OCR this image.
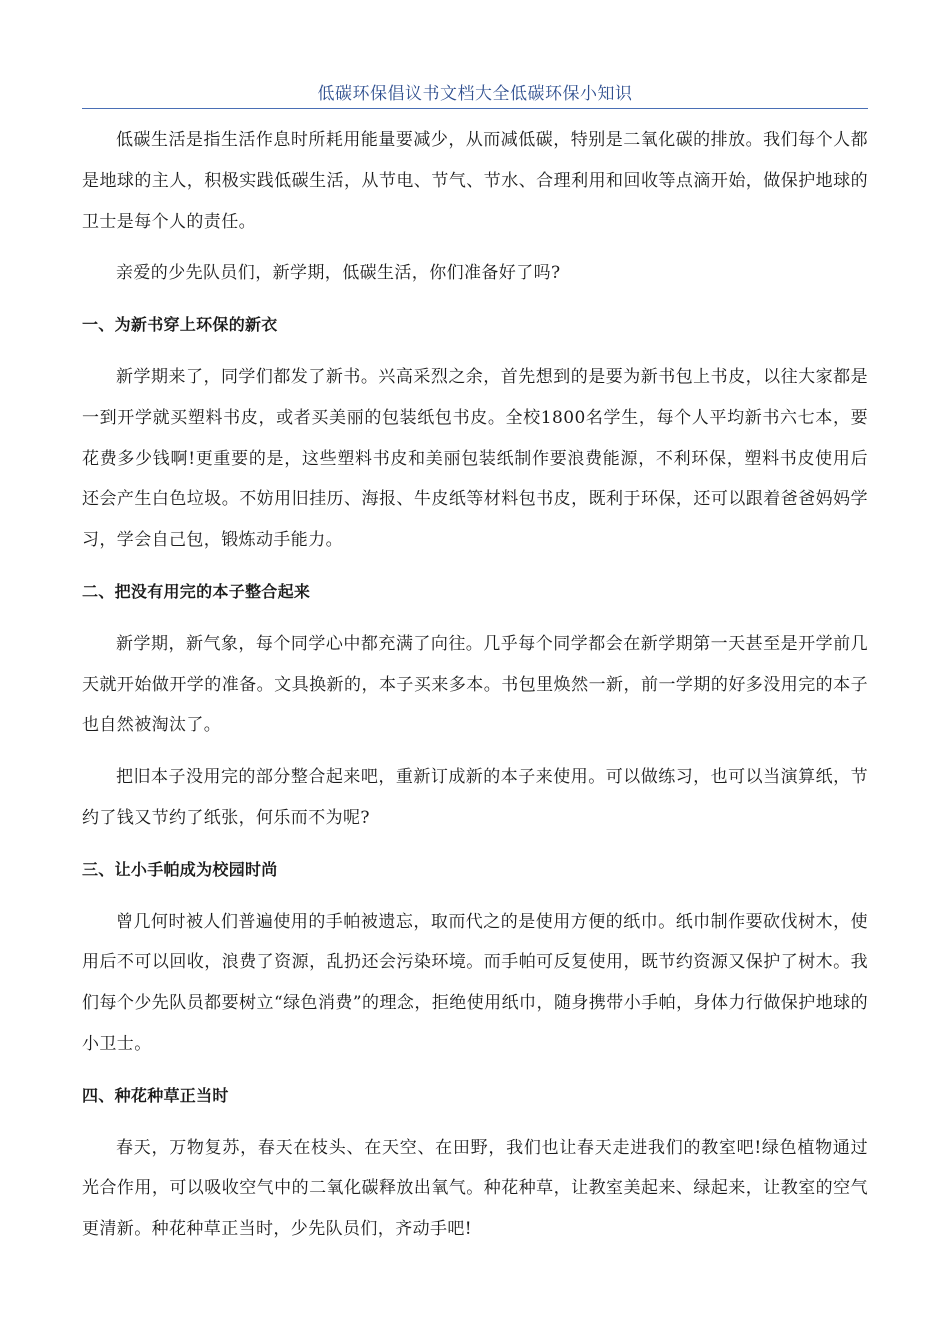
低碳环保倡议书文档大全低碳环保小知识

低碳生活是指生活作息时所耗用能量要减少，从而减低碳，特别是二氧化碳的排放。我们每个人都是地球的主人，积极实践低碳生活，从节电、节气、节水、合理利用和回收等点滴开始，做保护地球的卫士是每个人的责任。

亲爱的少先队员们，新学期，低碳生活，你们准备好了吗?

一、为新书穿上环保的新衣

新学期来了，同学们都发了新书。兴高采烈之余，首先想到的是要为新书包上书皮，以往大家都是一到开学就买塑料书皮，或者买美丽的包装纸包书皮。全校1800名学生，每个人平均新书六七本，要花费多少钱啊!更重要的是，这些塑料书皮和美丽包装纸制作要浪费能源，不利环保，塑料书皮使用后还会产生白色垃圾。不妨用旧挂历、海报、牛皮纸等材料包书皮，既利于环保，还可以跟着爸爸妈妈学习，学会自己包，锻炼动手能力。

二、把没有用完的本子整合起来

新学期，新气象，每个同学心中都充满了向往。几乎每个同学都会在新学期第一天甚至是开学前几天就开始做开学的准备。文具换新的，本子买来多本。书包里焕然一新，前一学期的好多没用完的本子也自然被淘汰了。

把旧本子没用完的部分整合起来吧，重新订成新的本子来使用。可以做练习，也可以当演算纸，节约了钱又节约了纸张，何乐而不为呢?

三、让小手帕成为校园时尚

曾几何时被人们普遍使用的手帕被遗忘，取而代之的是使用方便的纸巾。纸巾制作要砍伐树木，使用后不可以回收，浪费了资源，乱扔还会污染环境。而手帕可反复使用，既节约资源又保护了树木。我们每个少先队员都要树立“绿色消费”的理念，拒绝使用纸巾，随身携带小手帕，身体力行做保护地球的小卫士。

四、种花种草正当时

春天，万物复苏，春天在枝头、在天空、在田野，我们也让春天走进我们的教室吧!绿色植物通过光合作用，可以吸收空气中的二氧化碳释放出氧气。种花种草，让教室美起来、绿起来，让教室的空气更清新。种花种草正当时，少先队员们，齐动手吧!
